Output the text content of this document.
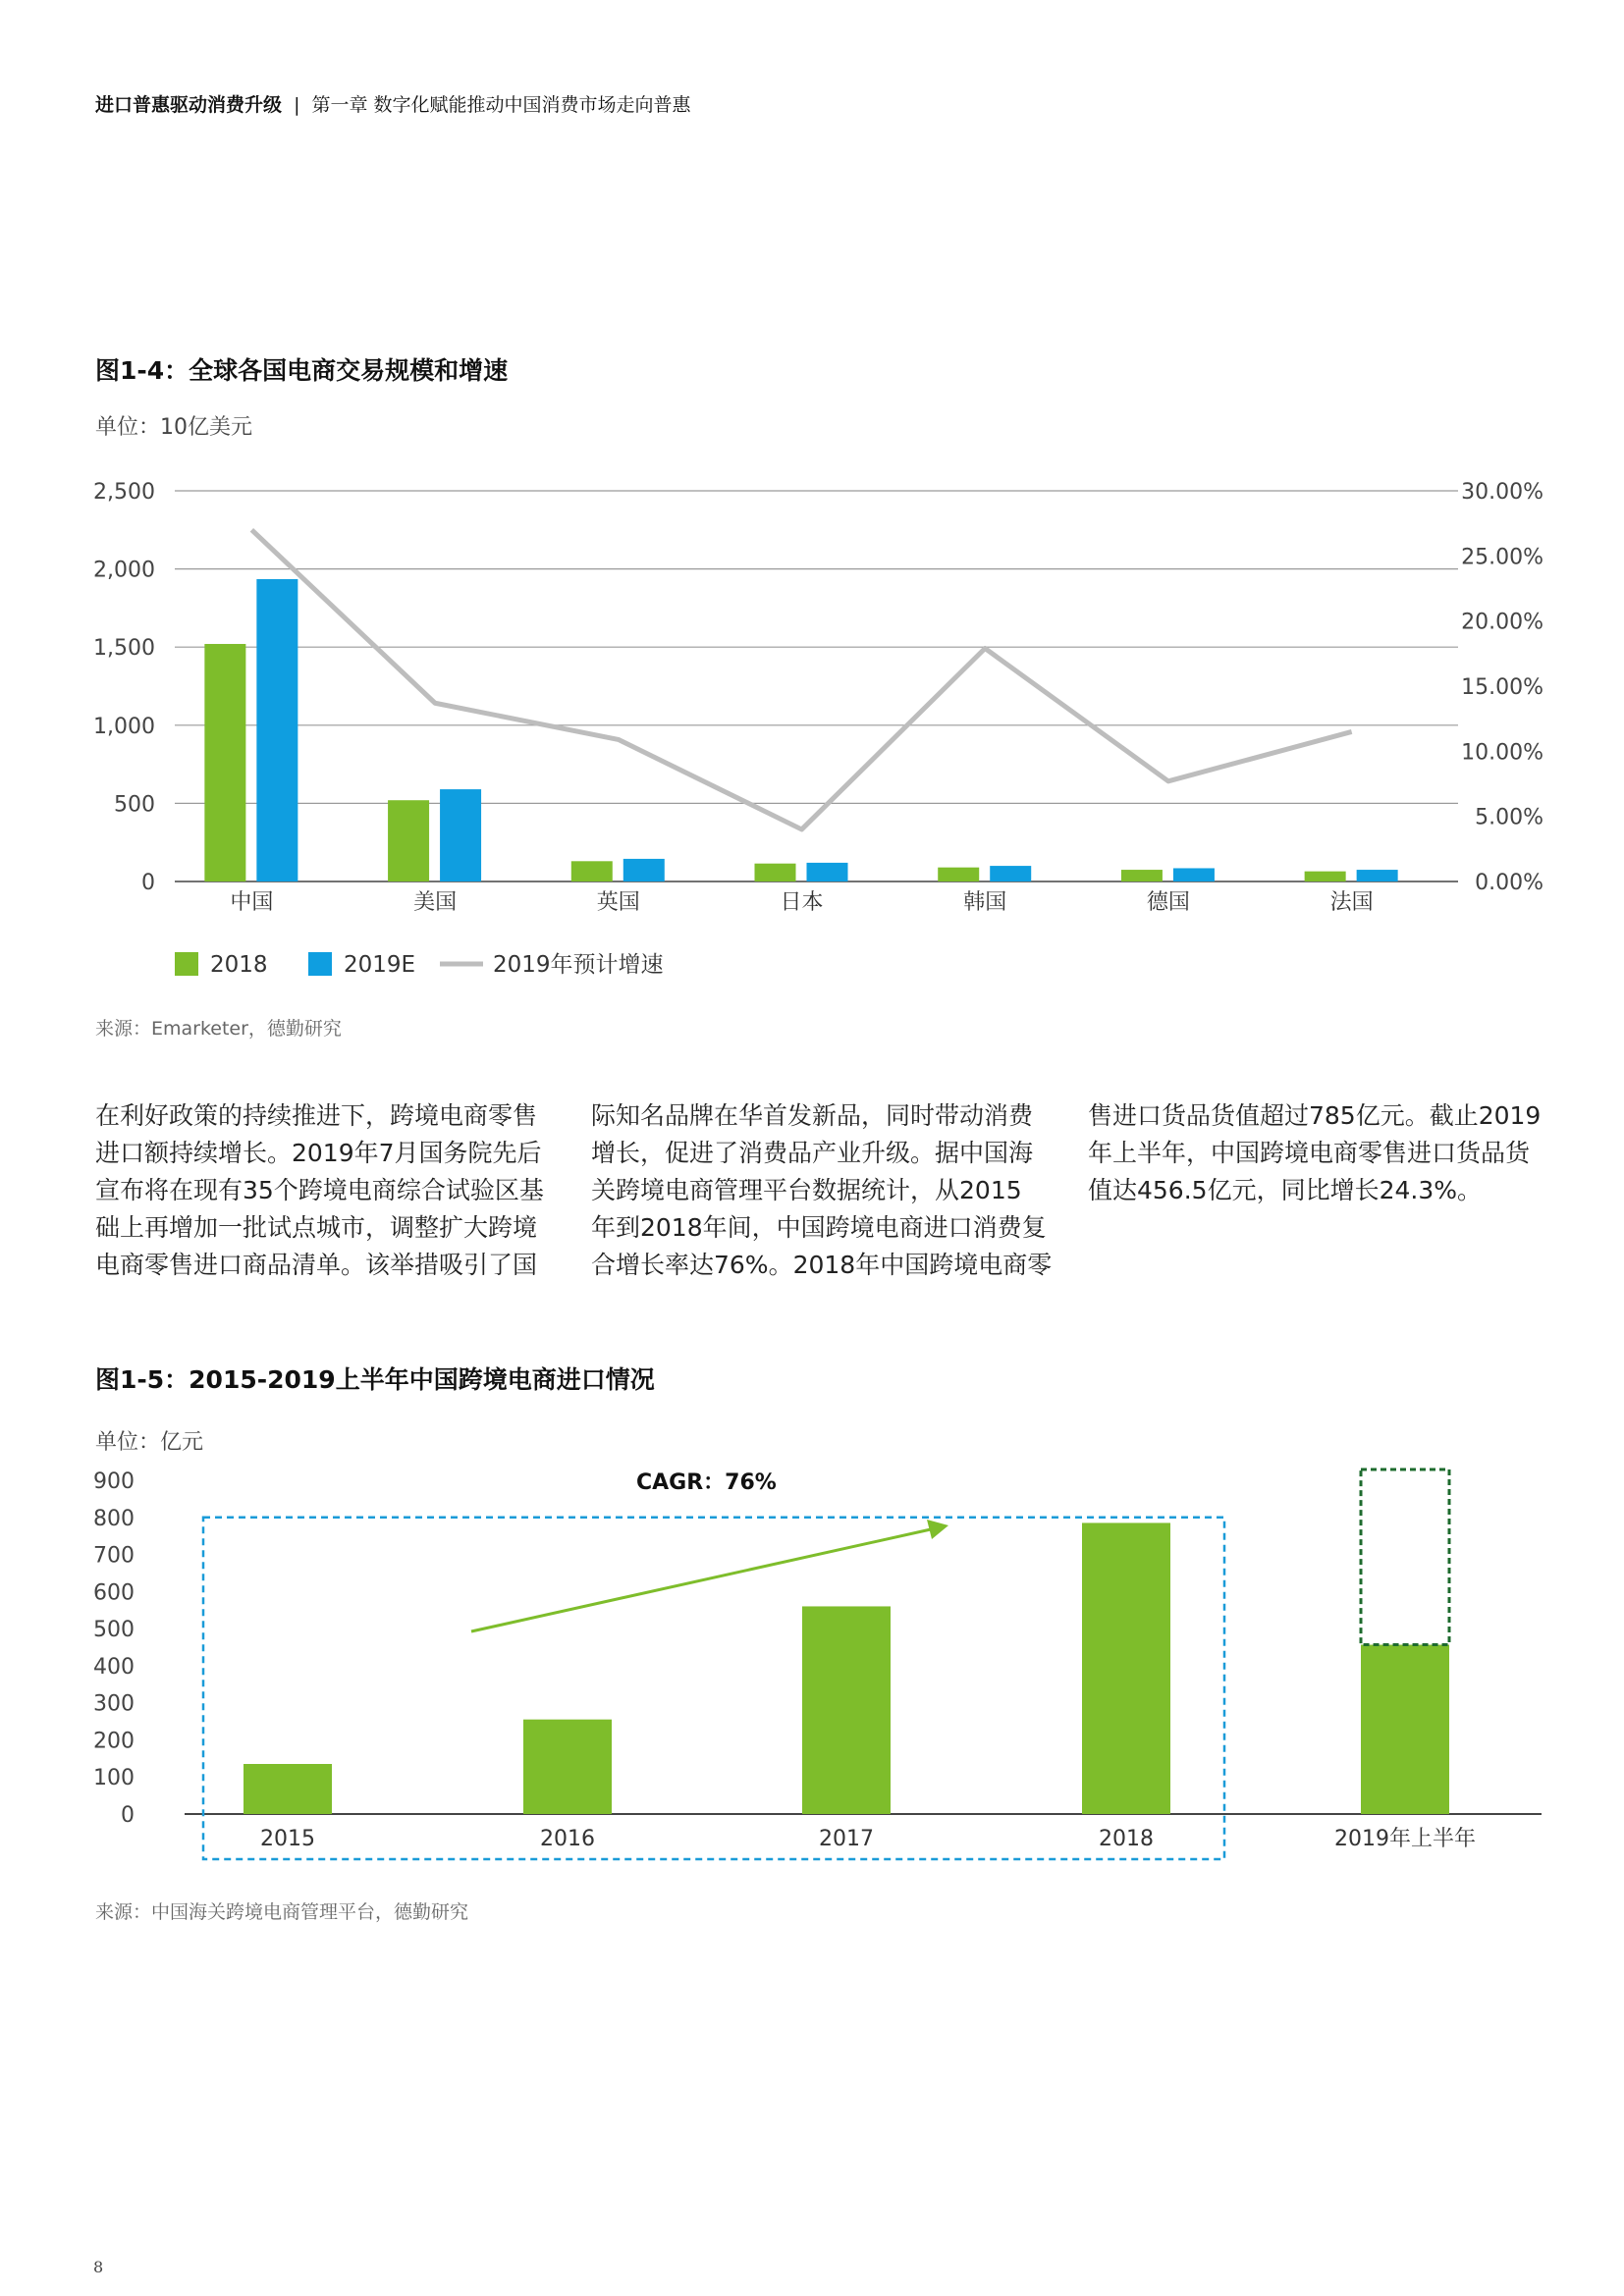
进口普惠驱动消费升级 | 第一章 数字化赋能推动中国消费市场走向普惠
图1-4：全球各国电商交易规模和增速
单位：10亿美元
0
500
1,000
1,500
2,000
2,500
0.00%
5.00%
10.00%
15.00%
20.00%
25.00%
30.00%
中国	美国	英国	日本	韩国	德国	法国
2018	2019E	2019年预计增速
来源：Emarketer，德勤研究
在利好政策的持续推进下，跨境电商零售
进口额持续增长。2019年7月国务院先后
宣布将在现有35个跨境电商综合试验区基
础上再增加一批试点城市，调整扩大跨境
电商零售进口商品清单。该举措吸引了国
际知名品牌在华首发新品，同时带动消费
增长，促进了消费品产业升级。据中国海
关跨境电商管理平台数据统计，从2015
年到2018年间，中国跨境电商进口消费复
合增长率达76%。2018年中国跨境电商零
售进口货品货值超过785亿元。截止2019
年上半年，中国跨境电商零售进口货品货
值达456.5亿元，同比增长24.3%。
图1-5：2015-2019上半年中国跨境电商进口情况
单位：亿元
0
100
200
300
400
500
600
700
800
900	CAGR：76%
2015	2016	2017	2018	2019年上半年
来源：中国海关跨境电商管理平台，德勤研究
8
